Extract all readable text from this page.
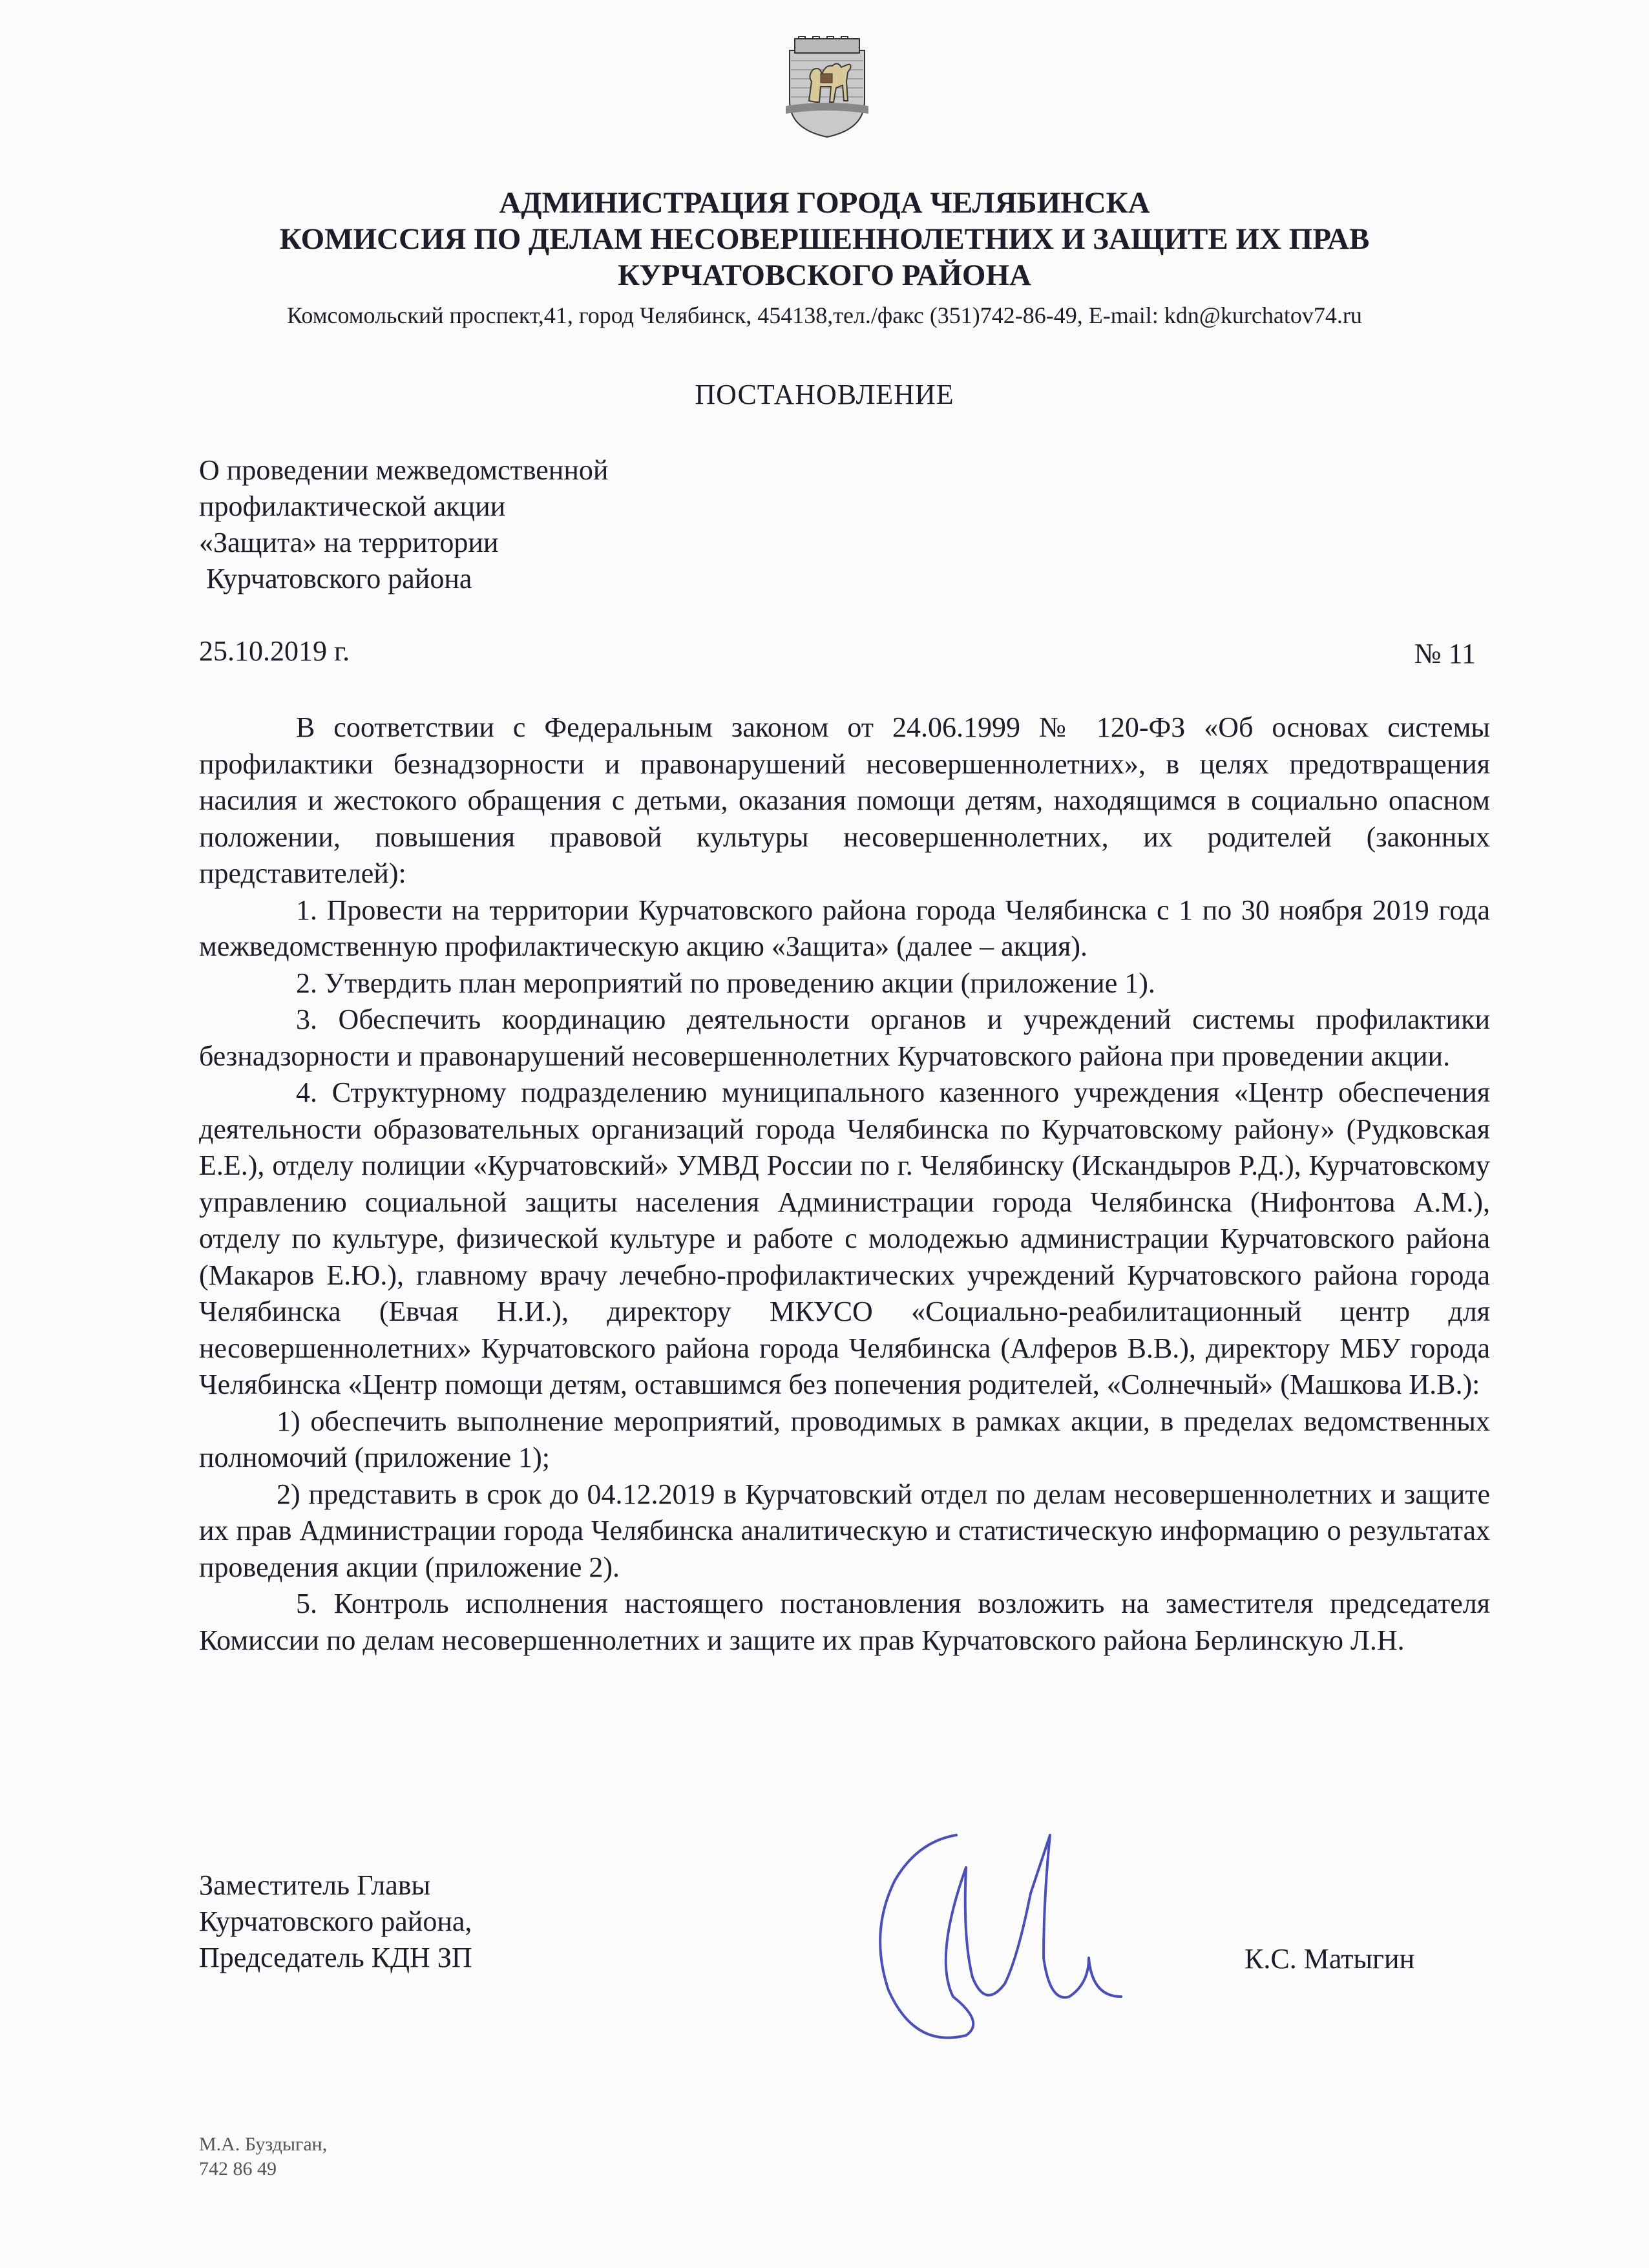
АДМИНИСТРАЦИЯ ГОРОДА ЧЕЛЯБИНСКА
КОМИССИЯ ПО ДЕЛАМ НЕСОВЕРШЕННОЛЕТНИХ И ЗАЩИТЕ ИХ ПРАВ
КУРЧАТОВСКОГО РАЙОНА
Комсомольский проспект,41, город Челябинск, 454138,тел./факс (351)742-86-49, E-mail: kdn@kurchatov74.ru
ПОСТАНОВЛЕНИЕ
О проведении межведомственной
профилактической акции
«Защита» на территории
Курчатовского района
25.10.2019 г.	№ 11

В соответствии с Федеральным законом от 24.06.1999 № 120-ФЗ «Об основах системы профилактики безнадзорности и правонарушений несовершеннолетних», в целях предотвращения насилия и жестокого обращения с детьми, оказания помощи детям, находящимся в социально опасном положении, повышения правовой культуры несовершеннолетних, их родителей (законных представителей):

1. Провести на территории Курчатовского района города Челябинска с 1 по 30 ноября 2019 года межведомственную профилактическую акцию «Защита» (далее – акция).

2. Утвердить план мероприятий по проведению акции (приложение 1).

3. Обеспечить координацию деятельности органов и учреждений системы профилактики безнадзорности и правонарушений несовершеннолетних Курчатовского района при проведении акции.

4. Структурному подразделению муниципального казенного учреждения «Центр обеспечения деятельности образовательных организаций города Челябинска по Курчатовскому району» (Рудковская Е.Е.), отделу полиции «Курчатовский» УМВД России по г. Челябинску (Искандыров Р.Д.), Курчатовскому управлению социальной защиты населения Администрации города Челябинска (Нифонтова А.М.), отделу по культуре, физической культуре и работе с молодежью администрации Курчатовского района (Макаров Е.Ю.), главному врачу лечебно-профилактических учреждений Курчатовского района города Челябинска (Евчая Н.И.), директору МКУСО «Социально-реабилитационный центр для несовершеннолетних» Курчатовского района города Челябинска (Алферов В.В.), директору МБУ города Челябинска «Центр помощи детям, оставшимся без попечения родителей, «Солнечный» (Машкова И.В.):

1) обеспечить выполнение мероприятий, проводимых в рамках акции, в пределах ведомственных полномочий (приложение 1);

2) представить в срок до 04.12.2019 в Курчатовский отдел по делам несовершеннолетних и защите их прав Администрации города Челябинска аналитическую и статистическую информацию о результатах проведения акции (приложение 2).

5. Контроль исполнения настоящего постановления возложить на заместителя председателя Комиссии по делам несовершеннолетних и защите их прав Курчатовского района Берлинскую Л.Н.

Заместитель Главы
Курчатовского района,
Председатель КДН ЗП	К.С. Матыгин
М.А. Буздыган,
742 86 49
